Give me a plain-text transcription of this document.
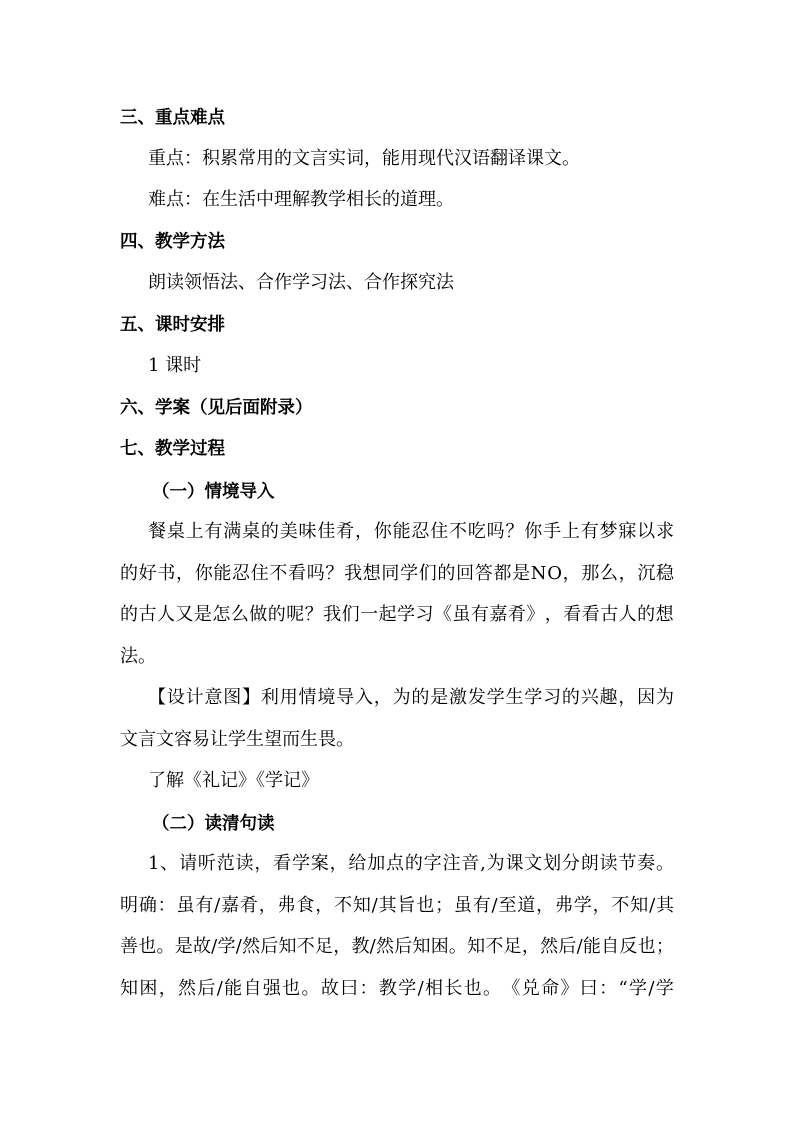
三、重点难点
重点：积累常用的文言实词，能用现代汉语翻译课文。
难点：在生活中理解教学相长的道理。
四、教学方法
朗读领悟法、合作学习法、合作探究法
五、课时安排
1 课时
六、学案（见后面附录）
七、教学过程
（一）情境导入
餐 桌 上 有 满 桌 的 美 味 佳 肴 ， 你 能 忍 住 不 吃 吗 ？ 你 手 上 有 梦 寐 以 求
的 好 书 ， 你 能 忍 住 不 看 吗 ？ 我 想 同 学 们 的 回 答 都 是 N O ， 那 么 ， 沉 稳
的 古 人 又 是 怎 么 做 的 呢 ？ 我 们 一 起 学 习 《 虽 有 嘉 肴 》 ， 看 看 古 人 的 想
法。
【 设 计 意 图 】 利 用 情 境 导 入 ， 为 的 是 激 发 学 生 学 习 的 兴 趣 ， 因 为
文言文容易让学生望而生畏。
了解《礼记》《学记》
（二）读清句读
1 、 请 听 范 读 ， 看 学 案 ， 给 加 点 的 字 注 音 , 为 课 文 划 分 朗 读 节 奏 。
明 确 ： 虽 有 / 嘉 肴 ， 弗 食 ， 不 知 / 其 旨 也 ； 虽 有 / 至 道 ， 弗 学 ， 不 知 / 其
善 也 。 是 故 / 学 / 然 后 知 不 足 ， 教 / 然 后 知 困 。 知 不 足 ， 然 后 / 能 自 反 也 ；
知 困 ， 然 后 / 能 自 强 也 。 故 曰 ： 教 学 / 相 长 也 。 《 兑 命 》 曰 ： “ 学 / 学
